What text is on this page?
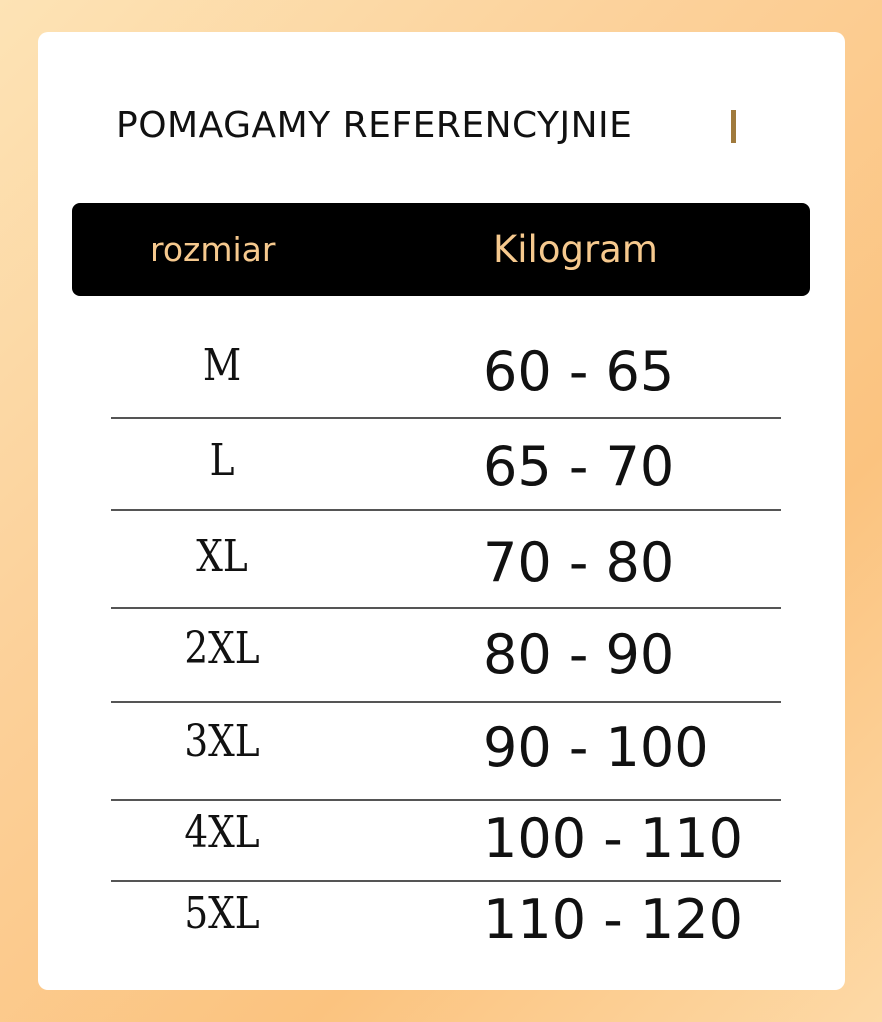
POMAGAMY REFERENCYJNIE
rozmiar	Kilogram
M	60 - 65
L	65 - 70
XL	70 - 80
2XL	80 - 90
3XL	90 - 100
4XL	100 - 110
5XL	110 - 120
